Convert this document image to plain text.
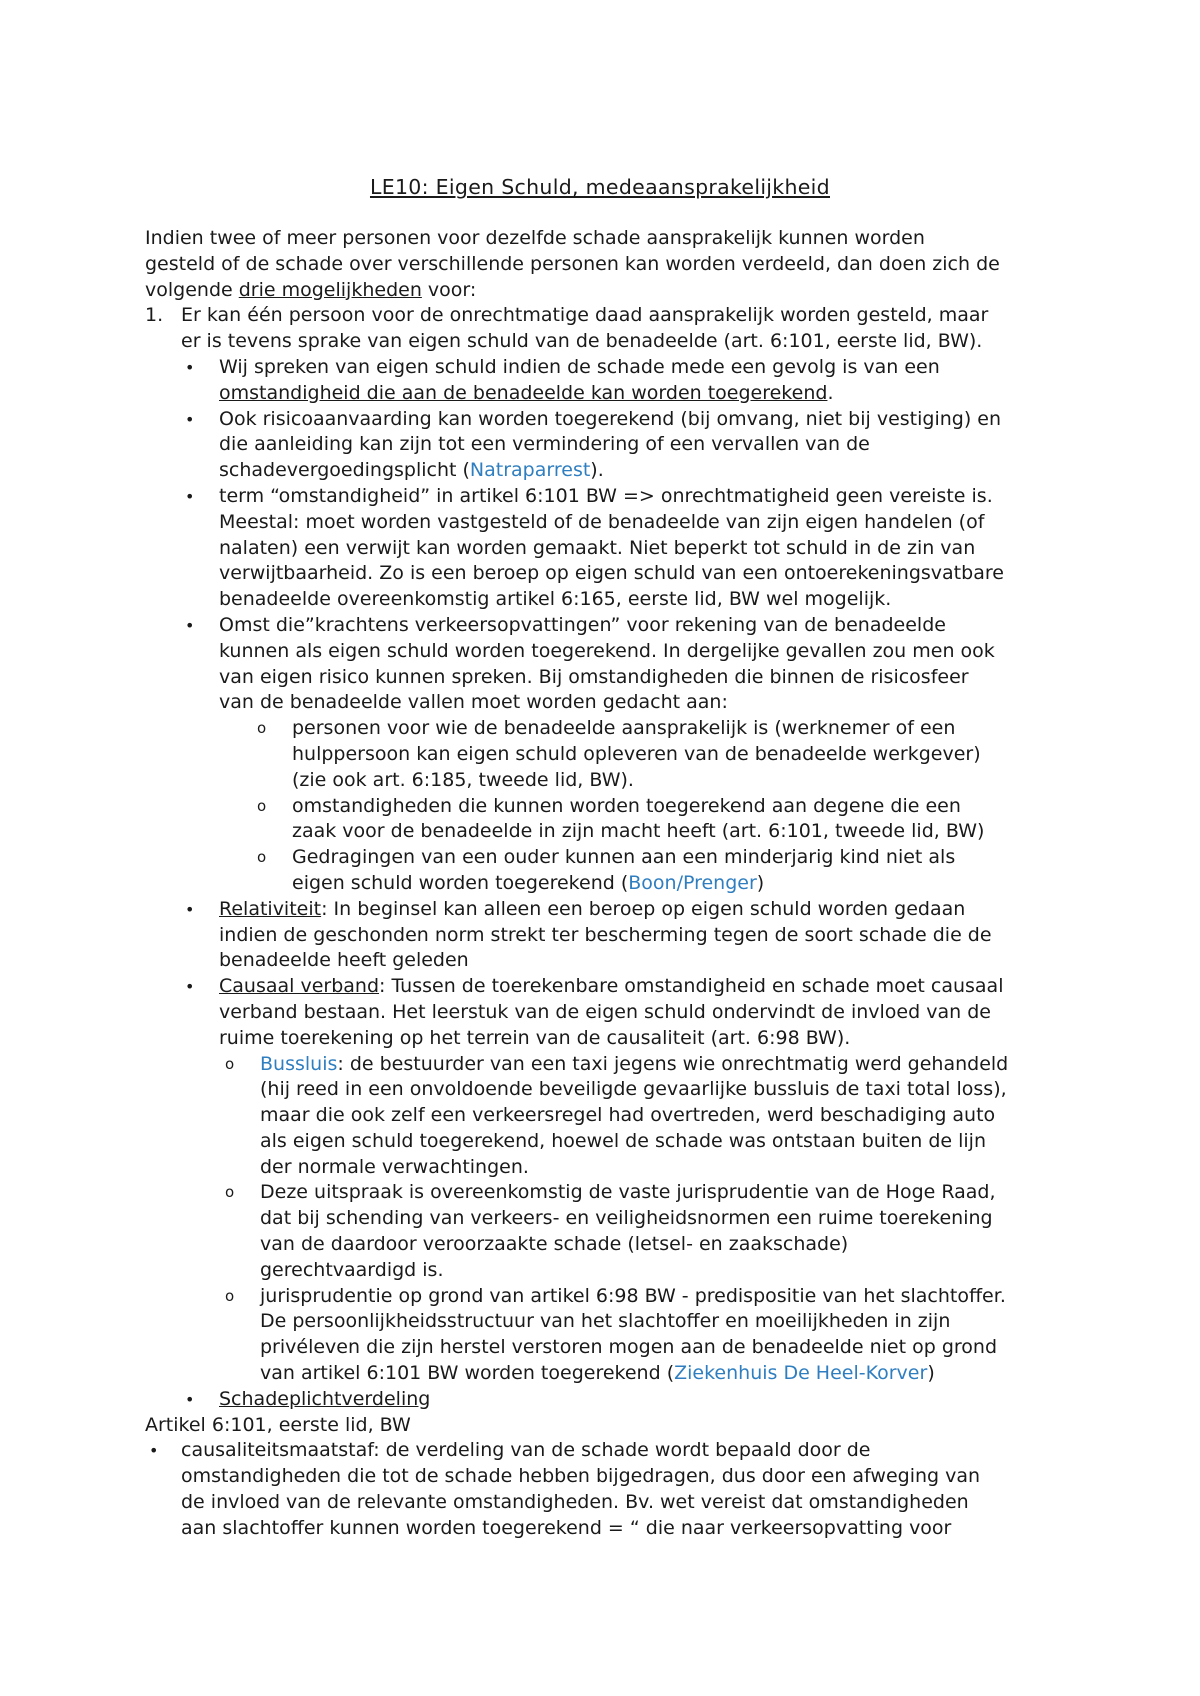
LE10: Eigen Schuld, medeaansprakelijkheid
Indien twee of meer personen voor dezelfde schade aansprakelijk kunnen worden
gesteld of de schade over verschillende personen kan worden verdeeld, dan doen zich de
volgende drie mogelijkheden voor:
1. Er kan één persoon voor de onrechtmatige daad aansprakelijk worden gesteld, maar
er is tevens sprake van eigen schuld van de benadeelde (art. 6:101, eerste lid, BW).
• Wij spreken van eigen schuld indien de schade mede een gevolg is van een
omstandigheid die aan de benadeelde kan worden toegerekend.
• Ook risicoaanvaarding kan worden toegerekend (bij omvang, niet bij vestiging) en
die aanleiding kan zijn tot een vermindering of een vervallen van de
schadevergoedingsplicht (Natraparrest).
• term “omstandigheid” in artikel 6:101 BW => onrechtmatigheid geen vereiste is.
Meestal: moet worden vastgesteld of de benadeelde van zijn eigen handelen (of
nalaten) een verwijt kan worden gemaakt. Niet beperkt tot schuld in de zin van
verwijtbaarheid. Zo is een beroep op eigen schuld van een ontoerekeningsvatbare
benadeelde overeenkomstig artikel 6:165, eerste lid, BW wel mogelijk.
• Omst die”krachtens verkeersopvattingen” voor rekening van de benadeelde
kunnen als eigen schuld worden toegerekend. In dergelijke gevallen zou men ook
van eigen risico kunnen spreken. Bij omstandigheden die binnen de risicosfeer
van de benadeelde vallen moet worden gedacht aan:
o personen voor wie de benadeelde aansprakelijk is (werknemer of een
hulppersoon kan eigen schuld opleveren van de benadeelde werkgever)
(zie ook art. 6:185, tweede lid, BW).
o omstandigheden die kunnen worden toegerekend aan degene die een
zaak voor de benadeelde in zijn macht heeft (art. 6:101, tweede lid, BW)
o Gedragingen van een ouder kunnen aan een minderjarig kind niet als
eigen schuld worden toegerekend (Boon/Prenger)
• Relativiteit: In beginsel kan alleen een beroep op eigen schuld worden gedaan
indien de geschonden norm strekt ter bescherming tegen de soort schade die de
benadeelde heeft geleden
• Causaal verband: Tussen de toerekenbare omstandigheid en schade moet causaal
verband bestaan. Het leerstuk van de eigen schuld ondervindt de invloed van de
ruime toerekening op het terrein van de causaliteit (art. 6:98 BW).
o Bussluis: de bestuurder van een taxi jegens wie onrechtmatig werd gehandeld
(hij reed in een onvoldoende beveiligde gevaarlijke bussluis de taxi total loss),
maar die ook zelf een verkeersregel had overtreden, werd beschadiging auto
als eigen schuld toegerekend, hoewel de schade was ontstaan buiten de lijn
der normale verwachtingen.
o Deze uitspraak is overeenkomstig de vaste jurisprudentie van de Hoge Raad,
dat bij schending van verkeers- en veiligheidsnormen een ruime toerekening
van de daardoor veroorzaakte schade (letsel- en zaakschade)
gerechtvaardigd is.
o jurisprudentie op grond van artikel 6:98 BW - predispositie van het slachtoffer.
De persoonlijkheidsstructuur van het slachtoffer en moeilijkheden in zijn
privéleven die zijn herstel verstoren mogen aan de benadeelde niet op grond
van artikel 6:101 BW worden toegerekend (Ziekenhuis De Heel-Korver)
• Schadeplichtverdeling
Artikel 6:101, eerste lid, BW
• causaliteitsmaatstaf: de verdeling van de schade wordt bepaald door de
omstandigheden die tot de schade hebben bijgedragen, dus door een afweging van
de invloed van de relevante omstandigheden. Bv. wet vereist dat omstandigheden
aan slachtoffer kunnen worden toegerekend = “ die naar verkeersopvatting voor
